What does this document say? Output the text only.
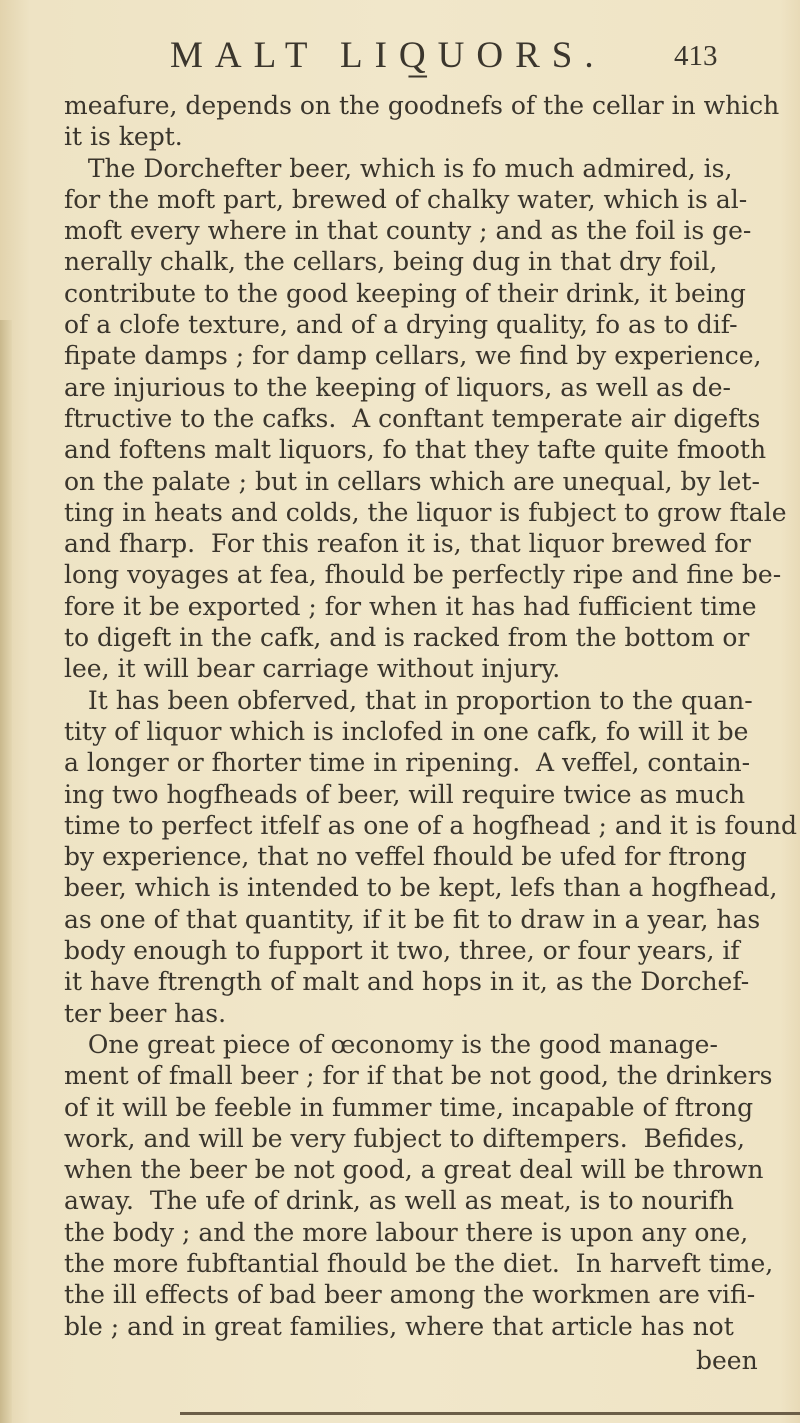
MALT LIQ̲UORS. 413
meafure, depends on the goodnefs of the cellar in which
it is kept.
The Dorchefter beer, which is fo much admired, is,
for the moft part, brewed of chalky water, which is al-
moft every where in that county ; and as the foil is ge-
nerally chalk, the cellars, being dug in that dry foil,
contribute to the good keeping of their drink, it being
of a clofe texture, and of a drying quality, fo as to dif-
fipate damps ; for damp cellars, we find by experience,
are injurious to the keeping of liquors, as well as de-
ftructive to the cafks.  A conftant temperate air digefts
and foftens malt liquors, fo that they tafte quite fmooth
on the palate ; but in cellars which are unequal, by let-
ting in heats and colds, the liquor is fubject to grow ftale
and fharp.  For this reafon it is, that liquor brewed for
long voyages at fea, fhould be perfectly ripe and fine be-
fore it be exported ; for when it has had fufficient time
to digeft in the cafk, and is racked from the bottom or
lee, it will bear carriage without injury.
It has been obferved, that in proportion to the quan-
tity of liquor which is inclofed in one cafk, fo will it be
a longer or fhorter time in ripening.  A veffel, contain-
ing two hogfheads of beer, will require twice as much
time to perfect itfelf as one of a hogfhead ; and it is found
by experience, that no veffel fhould be ufed for ftrong
beer, which is intended to be kept, lefs than a hogfhead,
as one of that quantity, if it be fit to draw in a year, has
body enough to fupport it two, three, or four years, if
it have ftrength of malt and hops in it, as the Dorchef-
ter beer has.
One great piece of œconomy is the good manage-
ment of fmall beer ; for if that be not good, the drinkers
of it will be feeble in fummer time, incapable of ftrong
work, and will be very fubject to diftempers.  Befides,
when the beer be not good, a great deal will be thrown
away.  The ufe of drink, as well as meat, is to nourifh
the body ; and the more labour there is upon any one,
the more fubftantial fhould be the diet.  In harveft time,
the ill effects of bad beer among the workmen are vifi-
ble ; and in great families, where that article has not
been
